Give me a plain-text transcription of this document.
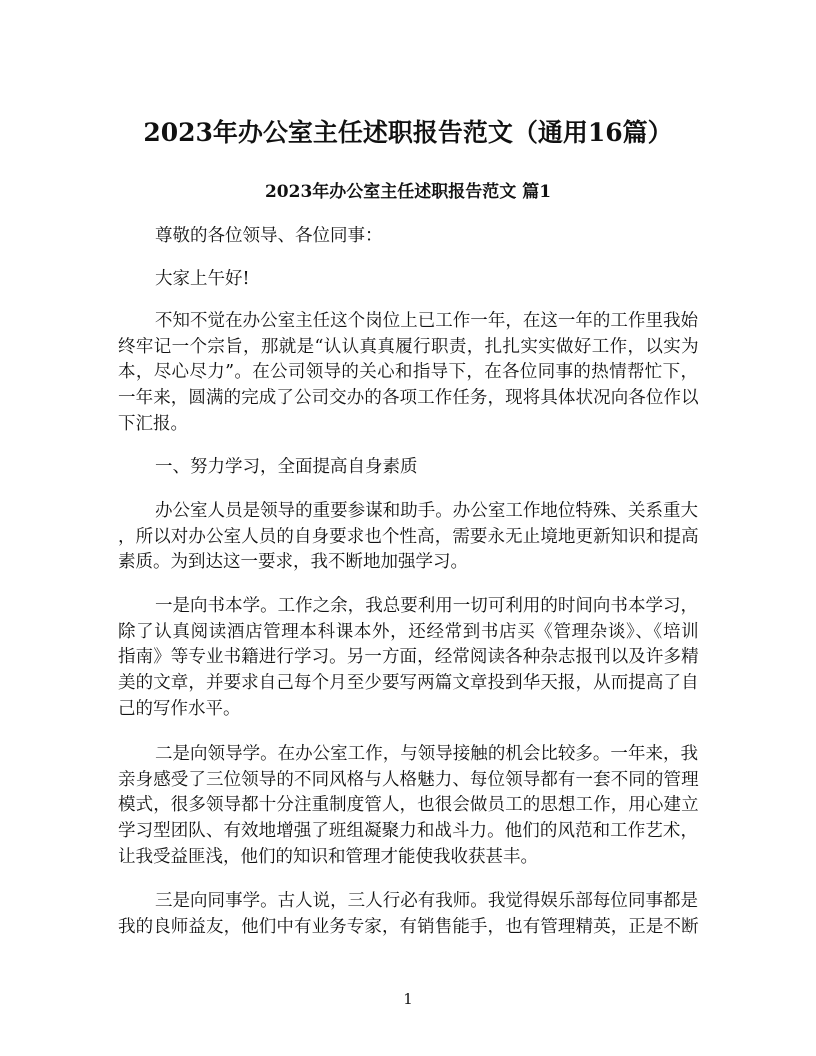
2023年办公室主任述职报告范文（通用16篇）
2023年办公室主任述职报告范文 篇1
尊敬的各位领导、各位同事：
大家上午好!
不知不觉在办公室主任这个岗位上已工作一年，在这一年的工作里我始
终牢记一个宗旨，那就是“认认真真履行职责，扎扎实实做好工作，以实为
本，尽心尽力”。在公司领导的关心和指导下，在各位同事的热情帮忙下，
一年来，圆满的完成了公司交办的各项工作任务，现将具体状况向各位作以
下汇报。
一、努力学习，全面提高自身素质
办公室人员是领导的重要参谋和助手。办公室工作地位特殊、关系重大
，所以对办公室人员的自身要求也个性高，需要永无止境地更新知识和提高
素质。为到达这一要求，我不断地加强学习。
一是向书本学。工作之余，我总要利用一切可利用的时间向书本学习，
除了认真阅读酒店管理本科课本外，还经常到书店买《管理杂谈》、《培训
指南》等专业书籍进行学习。另一方面，经常阅读各种杂志报刊以及许多精
美的文章，并要求自己每个月至少要写两篇文章投到华天报，从而提高了自
己的写作水平。
二是向领导学。在办公室工作，与领导接触的机会比较多。一年来，我
亲身感受了三位领导的不同风格与人格魅力、每位领导都有一套不同的管理
模式，很多领导都十分注重制度管人，也很会做员工的思想工作，用心建立
学习型团队、有效地增强了班组凝聚力和战斗力。他们的风范和工作艺术，
让我受益匪浅，他们的知识和管理才能使我收获甚丰。
三是向同事学。古人说，三人行必有我师。我觉得娱乐部每位同事都是
我的良师益友，他们中有业务专家，有销售能手，也有管理精英，正是不断
1
